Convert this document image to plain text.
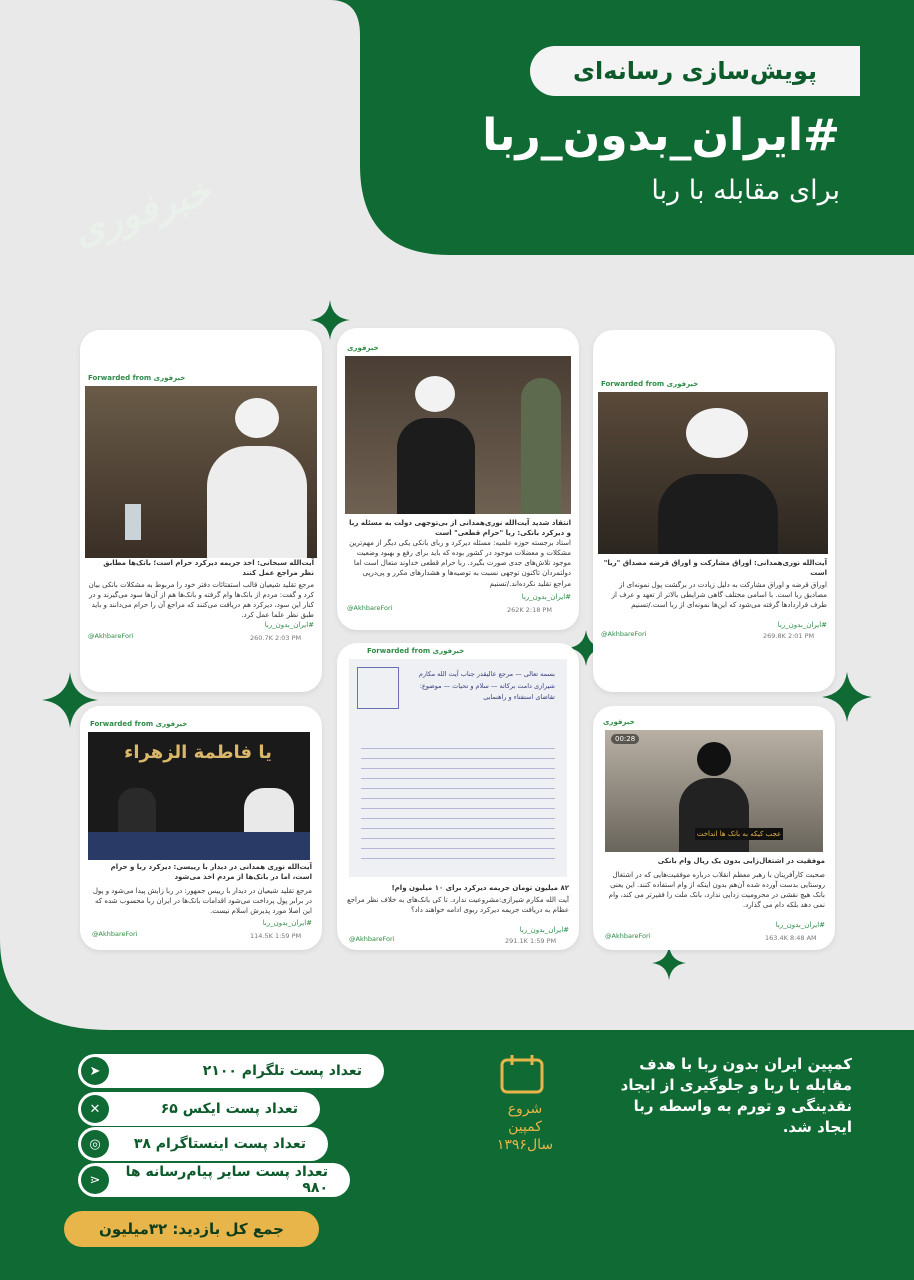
پویش‌سازی رسانه‌ای
#ایران_بدون_ربا
برای مقابله با ربا
خبرفوری
Forwarded from خبرفوری
آیت‌الله نوری‌همدانی: اوراق مشارکت و اوراق قرضه مصداق "ربا" است
اوراق قرضه و اوراق مشارکت به دلیل زیادت در برگشت پول نمونه‌ای از مصادیق ربا است. با اسامی مختلف گاهی شرایطی بالاتر از تعهد و عرف از طرف قراردادها گرفته می‌شود که این‌ها نمونه‌ای از ربا است./تسنیم
#ایران_بدون_ربا
@AkhbareFori	269.8K 2:01 PM
خبرفوری
انتقاد شدید آیت‌الله نوری‌همدانی از بی‌توجهی دولت به مسئله ربا و دیرکرد بانکی: ربا "حرام قطعی" است
استاد برجسته حوزه علمیه: مسئله دیرکرد و ربای بانکی یکی دیگر از مهم‌ترین مشکلات و معضلات موجود در کشور بوده که باید برای رفع و بهبود وضعیت موجود تلاش‌های جدی صورت بگیرد. ربا حرام قطعی خداوند متعال است اما دولتمردان تاکنون توجهی نسبت به توصیه‌ها و هشدارهای مکرر و پی‌درپی مراجع تقلید نکرده‌اند./تسنیم
#ایران_بدون_ربا
@AkhbareFori	262K 2:18 PM
Forwarded from خبرفوری
آیت‌الله سبحانی: اخذ جریمه دیرکرد حرام است؛ بانک‌ها مطابق نظر مراجع عمل کنند
مرجع تقلید شیعیان قالب استفتائات دفتر خود را مربوط به مشکلات بانکی بیان کرد و گفت: مردم از بانک‌ها وام گرفته و بانک‌ها هم از آن‌ها سود می‌گیرند و در کنار این سود، دیرکرد هم دریافت می‌کنند که مراجع آن را حرام می‌دانند و باید طبق نظر علما عمل کرد.
#ایران_بدون_ربا
@AkhbareFori	260.7K 2:03 PM
خبرفوری
00:28
عجب کیکه به بانک ها انداخت
موفقیت در اشتغال‌زایی بدون یک ریال وام بانکی
صحبت کارآفرینان با رهبر معظم انقلاب درباره موفقیت‌هایی که در اشتغال روستایی بدست آورده شده آن‌هم بدون اینکه از وام استفاده کنند. این یعنی بانک هیچ نقشی در محرومیت زدایی ندارد، بانک ملت را فقیرتر می کند، وام نمی دهد بلکه دام می گذارد.
#ایران_بدون_ربا
@AkhbareFori	163.4K 8:48 AM
Forwarded from خبرفوری
بسمه تعالی — مرجع عالیقدر جناب آیت الله مکارم شیرازی دامت برکاته — سلام و تحیات — موضوع: تقاضای استفتاء و راهنمایی
۸۲ میلیون تومان جریمه دیرکرد برای ۱۰ میلیون وام!
آیت الله مکارم شیرازی:مشروعیت ندارد. تا کی بانک‌های به خلاف نظر مراجع عظام به دریافت جریمه دیرکرد ربوی ادامه خواهند داد؟
#ایران_بدون_ربا
@AkhbareFori	291.1K 1:59 PM
Forwarded from خبرفوری
یا فاطمة الزهراء
آیت‌الله نوری همدانی در دیدار با رییسی: دیرکرد ربا و حرام است، اما در بانک‌ها از مردم اخذ می‌شود
مرجع تقلید شیعیان در دیدار با رییس جمهور: در ربا زایش پیدا می‌شود و پول در برابر پول پرداخت می‌شود اقدامات بانک‌ها در ایران ربا محسوب شده که این اصلا مورد پذیرش اسلام نیست.
#ایران_بدون_ربا
@AkhbareFori	114.5K 1:59 PM
تعداد پست تلگرام ۲۱۰۰
➤
تعداد پست ایکس ۶۵
✕
تعداد پست اینستاگرام ۳۸
◎
تعداد پست سایر پیام‌رسانه ها ۹۸۰
⋖
جمع کل بازدید: ۳۲میلیون
شروع
کمپین
سال۱۳۹۶
کمپین ایران بدون ربا با هدف مقابله با ربا و جلوگیری از ایجاد نقدینگی و تورم به واسطه ربا ایجاد شد.
